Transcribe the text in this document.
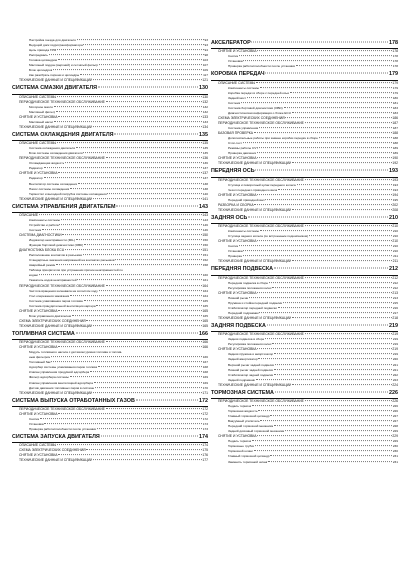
Настройка гнезда для двигателя	93
Ведущий диск гидротрансформатора	93
Цепь привода ГРМ	94
Распредвалы	98
Головка цилиндров	103
Маслоный поддон (верхний) и сетчатый фильтр	107
Блок цилиндров	109
Как разобрать поршни и цилиндры	117
ТЕХНИЧЕСКИЕ ДАННЫЕ И СПЕЦИФИКАЦИИ	121
СИСТЕМА СМАЗКИ ДВИГАТЕЛЯ	130
ОПИСАНИЕ СИСТЕМЫ	130
ПЕРИОДИЧЕСКОЕ ТЕХНИЧЕСКОЕ ОБСЛУЖИВАНИЕ	132
Моторное масло	132
Масляный фильтр	132
СНЯТИЕ И УСТАНОВКА	133
Масляный насос	133
ТЕХНИЧЕСКИЕ ДАННЫЕ И СПЕЦИФИКАЦИИ	134
СИСТЕМА ОХЛАЖДЕНИЯ ДВИГАТЕЛЯ	135
ОПИСАНИЕ СИСТЕМЫ	135
Система охлаждения двигателя	135
Блок системы охлаждения двигателя	135
ПЕРИОДИЧЕСКОЕ ТЕХНИЧЕСКОЕ ОБСЛУЖИВАНИЕ	136
Охлаждающая жидкость	136
Радиатор	137
СНЯТИЕ И УСТАНОВКА	137
Радиатор	137
Вентилятор системы охлаждения	138
Насос системы охлаждения	138
Термостат и выходной патрубок системы охлаждения	140
ТЕХНИЧЕСКИЕ ДАННЫЕ И СПЕЦИФИКАЦИИ	141
СИСТЕМА УПРАВЛЕНИЯ ДВИГАТЕЛЕМ	143
ОПИСАНИЕ	143
Компоненты системы	143
Устройство и работа	146
Система	146
СИСТЕМА ДИАГНОСТИКИ	150
Индикатор неисправности (MIL)	150
Функции бортовой диагностики (OBD)	150
ДИАГНОСТИКА БЛОКА ECU	151
Расположение контактов в разъемах	151
Стандартные значения напряжений на контактах разъемов	152
Аварийный режим	158
Таблица приоритетов при устранении причин неисправностей по
кодам	160
Указатель кодов неисправностей	161
ПЕРИОДИЧЕСКОЕ ТЕХНИЧЕСКОЕ ОБСЛУЖИВАНИЕ	164
Частота вращения коленвала на холостом ходу	164
Угол опережения зажигания	164
Система улавливания паров топлива	165
Система принудительной вентиляции картера	165
СНЯТИЕ И УСТАНОВКА	165
Блок управления двигателем	165
СХЕМА ЭЛЕКТРИЧЕСКИХ СОЕДИНЕНИЙ	165
ТЕХНИЧЕСКИЕ ДАННЫЕ И СПЕЦИФИКАЦИИ	165
ТОПЛИВНАЯ СИСТЕМА	166
ПЕРИОДИЧЕСКОЕ ТЕХНИЧЕСКОЕ ОБСЛУЖИВАНИЕ	166
СНЯТИЕ И УСТАНОВКА	166
Модуль топливного насоса с датчиком уровня топлива и топлив-
ным фильтром	166
Топливный бак	167
Адсорбер системы улавливания паров топлива	168
Клапан управления продувкой адсорбера	168
Фильтр адсорбера системы	169
Клапан управления вентиляцией адсорбера	169
Датчик давления топливных паров в системе	170
ТЕХНИЧЕСКИЕ ДАННЫЕ И СПЕЦИФИКАЦИИ	171
СИСТЕМА ВЫПУСКА ОТРАБОТАННЫХ ГАЗОВ	172
ПЕРИОДИЧЕСКОЕ ТЕХНИЧЕСКОЕ ОБСЛУЖИВАНИЕ	172
СНЯТИЕ И УСТАНОВКА	172
Снятие	172
Установка	173
Проверка работоспособности после установки	173
СИСТЕМА ЗАПУСКА ДВИГАТЕЛЯ	174
ОПИСАНИЕ СИСТЕМЫ	174
СХЕМА ЭЛЕКТРИЧЕСКИХ СОЕДИНЕНИЙ	175
СНЯТИЕ И УСТАНОВКА	176
ТЕХНИЧЕСКИЕ ДАННЫЕ И СПЕЦИФИКАЦИИ	177
АКСЕЛЕРАТОР	178
СНЯТИЕ И УСТАНОВКА	178
Снятие	178
Установка	178
Проверка работоспособности после установки	178
КОРОБКА ПЕРЕДАЧ	179
ОПИСАНИЕ СИСТЕМЫ	179
Компоненты системы	179
Коробка передач в сборе с передней осью	179
Задний мост	180
Система	181
Система бортовой диагностики (OBD)	183
Диагностическая информация о блоке ECU	183
СХЕМА ЭЛЕКТРИЧЕСКИХ СОЕДИНЕНИЙ	186
ПЕРИОДИЧЕСКОЕ ТЕХНИЧЕСКОЕ ОБСЛУЖИВАНИЕ	187
Система управления	187
БАЗОВАЯ ПРОВЕРКА	188
Дополнительные работы при замене коробки передач в сборе	188
Стоп-тест	188
Режимы работы CVT	189
Проверка давления	189
СНЯТИЕ И УСТАНОВКА	190
ТЕХНИЧЕСКИЕ ДАННЫЕ И СПЕЦИФИКАЦИИ	192
ПЕРЕДНЯЯ ОСЬ	193
ПЕРИОДИЧЕСКОЕ ТЕХНИЧЕСКОЕ ОБСЛУЖИВАНИЕ	193
Ступица и поворотный кулак переднего колеса	193
Чехол переднего приводного вала	193
СНЯТИЕ И УСТАНОВКА	194
Передний приводной вал	195
РАЗБОРКА И СБОРКА	202
ТЕХНИЧЕСКИЕ ДАННЫЕ И СПЕЦИФИКАЦИИ	208
ЗАДНЯЯ ОСЬ	210
ПЕРИОДИЧЕСКОЕ ТЕХНИЧЕСКОЕ ОБСЛУЖИВАНИЕ	210
Компоненты системы	210
Ступица заднего колеса (со встроенным подшипником)	210
СНЯТИЕ И УСТАНОВКА	210
Снятие	210
Установка	210
Проверка	211
ТЕХНИЧЕСКИЕ ДАННЫЕ И СПЕЦИФИКАЦИИ	211
ПЕРЕДНЯЯ ПОДВЕСКА	212
ПЕРИОДИЧЕСКОЕ ТЕХНИЧЕСКОЕ ОБСЛУЖИВАНИЕ	212
Передняя подвеска в сборе	212
Регулировка положения колес	212
СНЯТИЕ И УСТАНОВКА	213
Нижний рычаг	213
Пружина и стойка передней подвески	215
Стабилизатор передней подвески	216
Передний подрамник	217
ТЕХНИЧЕСКИЕ ДАННЫЕ И СПЕЦИФИКАЦИИ	218
ЗАДНЯЯ ПОДВЕСКА	219
ПЕРИОДИЧЕСКОЕ ТЕХНИЧЕСКОЕ ОБСЛУЖИВАНИЕ	219
Задняя подвеска в сборе	219
Регулировка положения колес	219
СНЯТИЕ И УСТАНОВКА	219
Задняя пружина и амортизатор	219
Задний амортизатор	220
Верхний рычаг задней подвески	221
Нижний рычаг задней подвески	221
Стабилизатор задней подвески	222
Задний подрамник	223
ТЕХНИЧЕСКИЕ ДАННЫЕ И СПЕЦИФИКАЦИИ	224
ТОРМОЗНАЯ СИСТЕМА	226
ПЕРИОДИЧЕСКОЕ ТЕХНИЧЕСКОЕ ОБСЛУЖИВАНИЕ	226
Педаль тормоза	226
Тормозная жидкость	226
Главный тормозной цилиндр	227
Вакуумный усилитель	227
Передний тормозной механизм	228
Задний дисковый тормозной механизм	229
СНЯТИЕ И УСТАНОВКА	229
Педаль тормоза	229
Тормозные трубки	230
Тормозной шланг	230
Главный тормозной цилиндр	231
Заменить тормозной шланг	231
